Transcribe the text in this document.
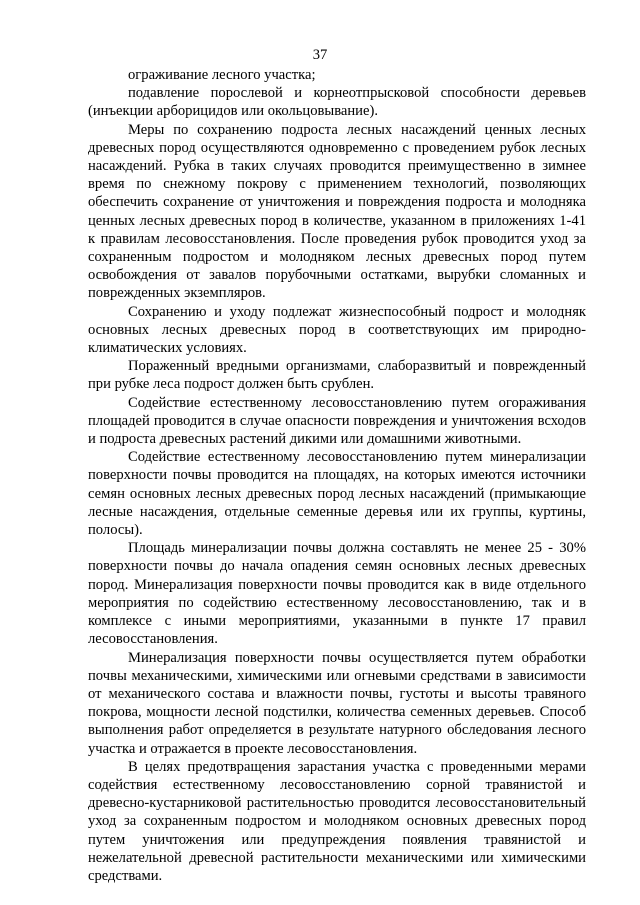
37

ограживание лесного участка;

подавление порослевой и корнеотпрысковой способности деревьев (инъекции арборицидов или окольцовывание).

Меры по сохранению подроста лесных насаждений ценных лесных древесных пород осуществляются одновременно с проведением рубок лесных насаждений. Рубка в таких случаях проводится преимущественно в зимнее время по снежному покрову с применением технологий, позволяющих обеспечить сохранение от уничтожения и повреждения подроста и молодняка ценных лесных древесных пород в количестве, указанном в приложениях 1-41 к правилам лесовосстановления. После проведения рубок проводится уход за сохраненным подростом и молодняком лесных древесных пород путем освобождения от завалов порубочными остатками, вырубки сломанных и поврежденных экземпляров.

Сохранению и уходу подлежат жизнеспособный подрост и молодняк основных лесных древесных пород в соответствующих им природно-климатических условиях.

Пораженный вредными организмами, слаборазвитый и поврежденный при рубке леса подрост должен быть срублен.

Содействие естественному лесовосстановлению путем огораживания площадей проводится в случае опасности повреждения и уничтожения всходов и подроста древесных растений дикими или домашними животными.

Содействие естественному лесовосстановлению путем минерализации поверхности почвы проводится на площадях, на которых имеются источники семян основных лесных древесных пород лесных насаждений (примыкающие лесные насаждения, отдельные семенные деревья или их группы, куртины, полосы).

Площадь минерализации почвы должна составлять не менее 25 - 30% поверхности почвы до начала опадения семян основных лесных древесных пород. Минерализация поверхности почвы проводится как в виде отдельного мероприятия по содействию естественному лесовосстановлению, так и в комплексе с иными мероприятиями, указанными в пункте 17 правил лесовосстановления.

Минерализация поверхности почвы осуществляется путем обработки почвы механическими, химическими или огневыми средствами в зависимости от механического состава и влажности почвы, густоты и высоты травяного покрова, мощности лесной подстилки, количества семенных деревьев. Способ выполнения работ определяется в результате натурного обследования лесного участка и отражается в проекте лесовосстановления.

В целях предотвращения зарастания участка с проведенными мерами содействия естественному лесовосстановлению сорной травянистой и древесно-кустарниковой растительностью проводится лесовосстановительный уход за сохраненным подростом и молодняком основных древесных пород путем уничтожения или предупреждения появления травянистой и нежелательной древесной растительности механическими или химическими средствами.
